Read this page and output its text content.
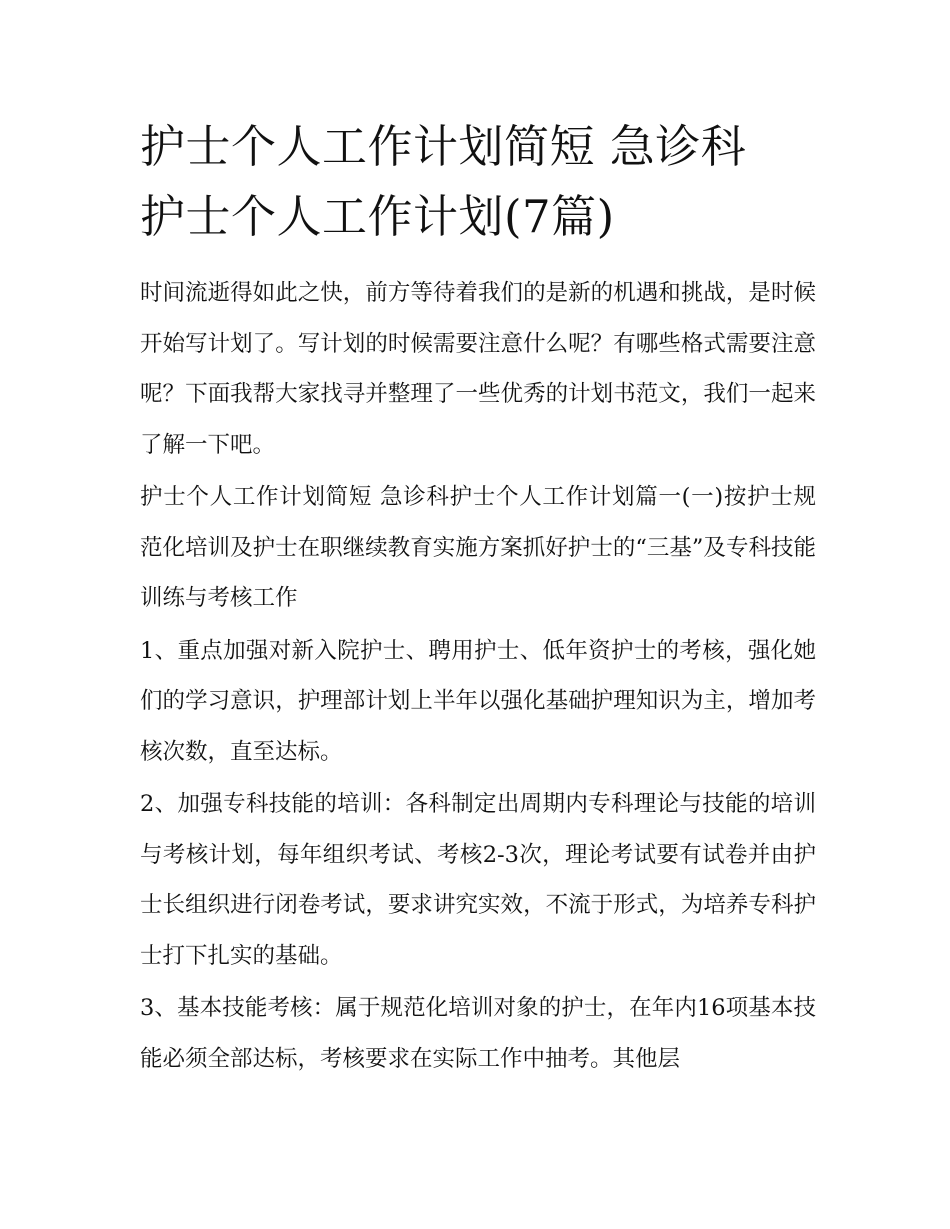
护士个人工作计划简短 急诊科
护士个人工作计划(7篇)

时间流逝得如此之快，前方等待着我们的是新的机遇和挑战，是时候开始写计划了。写计划的时候需要注意什么呢？有哪些格式需要注意呢？下面我帮大家找寻并整理了一些优秀的计划书范文，我们一起来了解一下吧。

护士个人工作计划简短 急诊科护士个人工作计划篇一(一)按护士规范化培训及护士在职继续教育实施方案抓好护士的“三基”及专科技能训练与考核工作

1、重点加强对新入院护士、聘用护士、低年资护士的考核，强化她们的学习意识，护理部计划上半年以强化基础护理知识为主，增加考核次数，直至达标。

2、加强专科技能的培训：各科制定出周期内专科理论与技能的培训与考核计划，每年组织考试、考核2-3次，理论考试要有试卷并由护士长组织进行闭卷考试，要求讲究实效，不流于形式，为培养专科护士打下扎实的基础。

3、基本技能考核：属于规范化培训对象的护士，在年内16项基本技能必须全部达标，考核要求在实际工作中抽考。其他层
